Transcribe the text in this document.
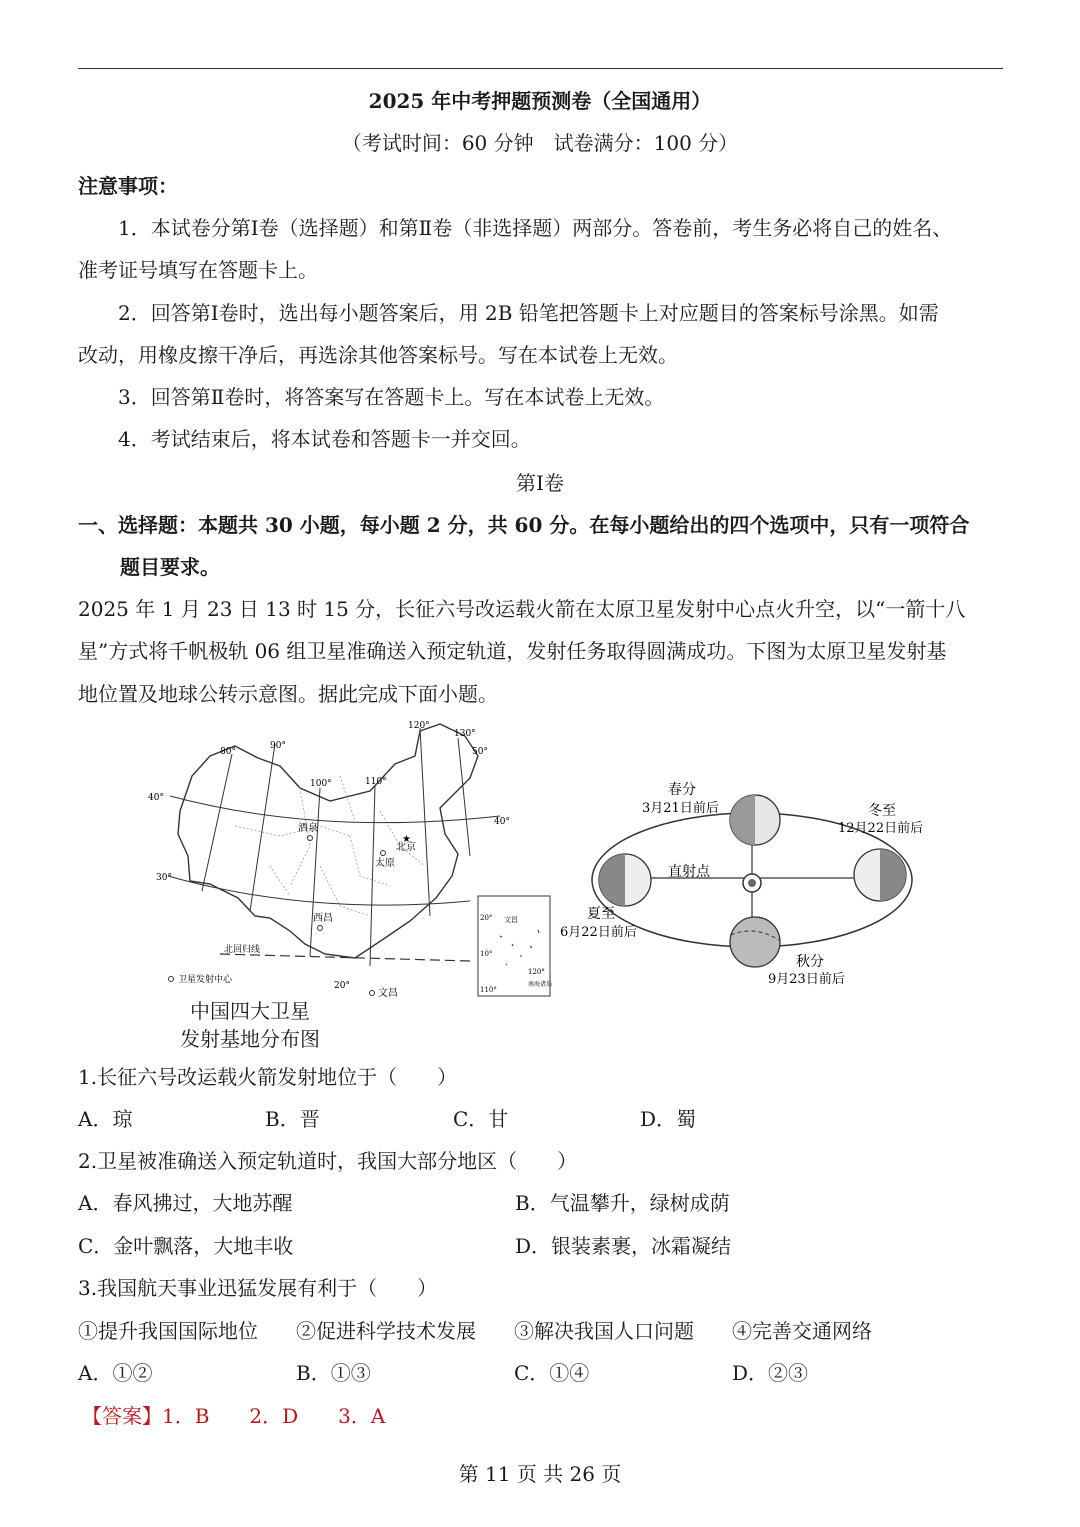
2025 年中考押题预测卷（全国通用）
（考试时间：60 分钟　试卷满分：100 分）
注意事项：
1．本试卷分第Ⅰ卷（选择题）和第Ⅱ卷（非选择题）两部分。答卷前，考生务必将自己的姓名、
准考证号填写在答题卡上。
2．回答第Ⅰ卷时，选出每小题答案后，用 2B 铅笔把答题卡上对应题目的答案标号涂黑。如需
改动，用橡皮擦干净后，再选涂其他答案标号。写在本试卷上无效。
3．回答第Ⅱ卷时，将答案写在答题卡上。写在本试卷上无效。
4．考试结束后，将本试卷和答题卡一并交回。
第Ⅰ卷
一、选择题：本题共 30 小题，每小题 2 分，共 60 分。在每小题给出的四个选项中，只有一项符合
题目要求。
2025 年 1 月 23 日 13 时 15 分，长征六号改运载火箭在太原卫星发射中心点火升空，以“一箭十八
星”方式将千帆极轨 06 组卫星准确送入预定轨道，发射任务取得圆满成功。下图为太原卫星发射基
地位置及地球公转示意图。据此完成下面小题。
80°
90°
100°	110°
120°
130°
40°
30°
50°
40°
20°
酒泉
北京
★
太原
西昌
文昌
北回归线
卫星发射中心
20°
10°
110°
120°
文昌
南海诸岛
中国四大卫星
发射基地分布图
春分
3月21日前后	冬至
12月22日前后
直射点
夏至
6月22日前后
秋分
9月23日前后
1.长征六号改运载火箭发射地位于（　　）
A．琼	B．晋	C．甘	D．蜀
2.卫星被准确送入预定轨道时，我国大部分地区（　　）
A．春风拂过，大地苏醒	B．气温攀升，绿树成荫
C．金叶飘落，大地丰收	D．银装素裹，冰霜凝结
3.我国航天事业迅猛发展有利于（　　）
①提升我国国际地位 ②促进科学技术发展 ③解决我国人口问题 ④完善交通网络
A．①②	B．①③	C．①④	D．②③
【答案】1．B　　2．D　　3．A
第 11 页 共 26 页
